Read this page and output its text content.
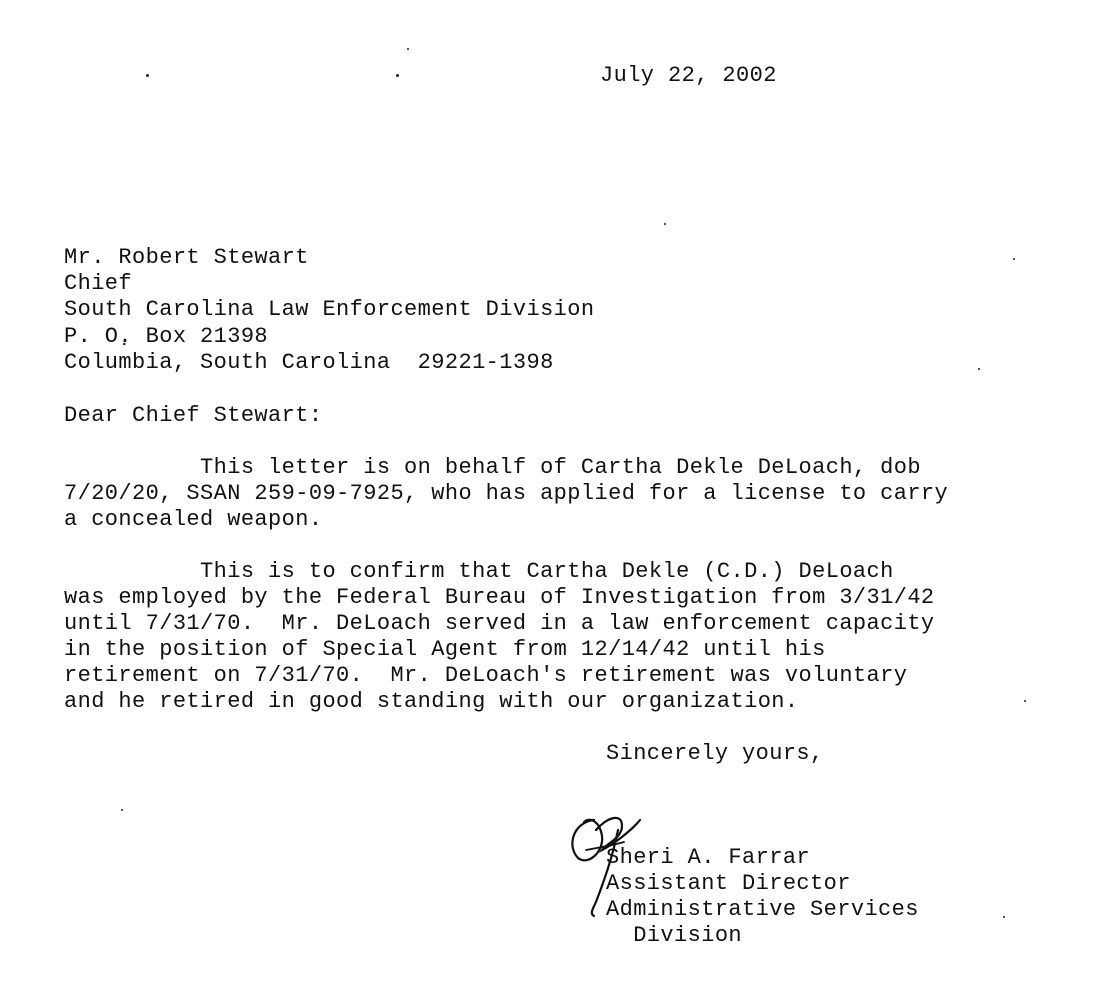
July 22, 2002
Mr. Robert Stewart
Chief
South Carolina Law Enforcement Division
P. O.̣ Box 21398
Columbia, South Carolina  29221-1398
Dear Chief Stewart:
This letter is on behalf of Cartha Dekle DeLoach, dob
7/20/20, SSAN 259-09-7925, who has applied for a license to carry
a concealed weapon.
This is to confirm that Cartha Dekle (C.D.) DeLoach
was employed by the Federal Bureau of Investigation from 3/31/42
until 7/31/70.  Mr. DeLoach served in a law enforcement capacity
in the position of Special Agent from 12/14/42 until his
retirement on 7/31/70.  Mr. DeLoach's retirement was voluntary
and he retired in good standing with our organization.
Sincerely yours,
Sheri A. Farrar
Assistant Director
Administrative Services
Division
